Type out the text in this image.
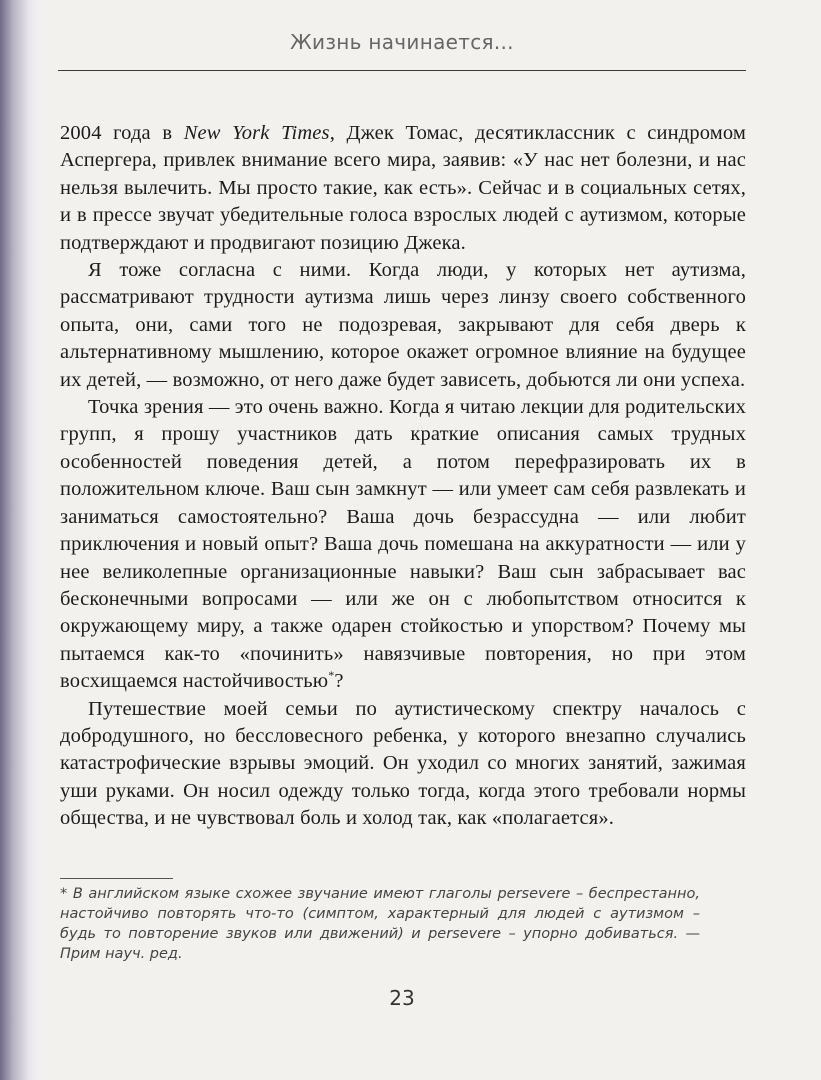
Жизнь начинается...

2004 года в New York Times, Джек Томас, десятиклассник с синдромом Аспергера, привлек внимание всего мира, заявив: «У нас нет болезни, и нас нельзя вылечить. Мы просто такие, как есть». Сейчас и в социальных сетях, и в прессе звучат убедительные голоса взрослых людей с аутизмом, которые подтверждают и продвигают позицию Джека.

Я тоже согласна с ними. Когда люди, у которых нет аутизма, рассматривают трудности аутизма лишь через линзу своего собственного опыта, они, сами того не подозревая, закрывают для себя дверь к альтернативному мышлению, которое окажет огромное влияние на будущее их детей, — возможно, от него даже будет зависеть, добьются ли они успеха.

Точка зрения — это очень важно. Когда я читаю лекции для родительских групп, я прошу участников дать краткие описания самых трудных особенностей поведения детей, а потом перефразировать их в положительном ключе. Ваш сын замкнут — или умеет сам себя развлекать и заниматься самостоятельно? Ваша дочь безрассудна — или любит приключения и новый опыт? Ваша дочь помешана на аккуратности — или у нее великолепные организационные навыки? Ваш сын забрасывает вас бесконечными вопросами — или же он с любопытством относится к окружающему миру, а также одарен стойкостью и упорством? Почему мы пытаемся как-то «починить» навязчивые повторения, но при этом восхищаемся настойчивостью*?

Путешествие моей семьи по аутистическому спектру началось с добродушного, но бессловесного ребенка, у которого внезапно случались катастрофические взрывы эмоций. Он уходил со многих занятий, зажимая уши руками. Он носил одежду только тогда, когда этого требовали нормы общества, и не чувствовал боль и холод так, как «полагается».

* В английском языке схожее звучание имеют глаголы persevere – беспрестанно, настойчиво повторять что-то (симптом, характерный для людей с аутизмом – будь то повторение звуков или движений) и persevere – упорно добиваться. — Прим науч. ред.
23
